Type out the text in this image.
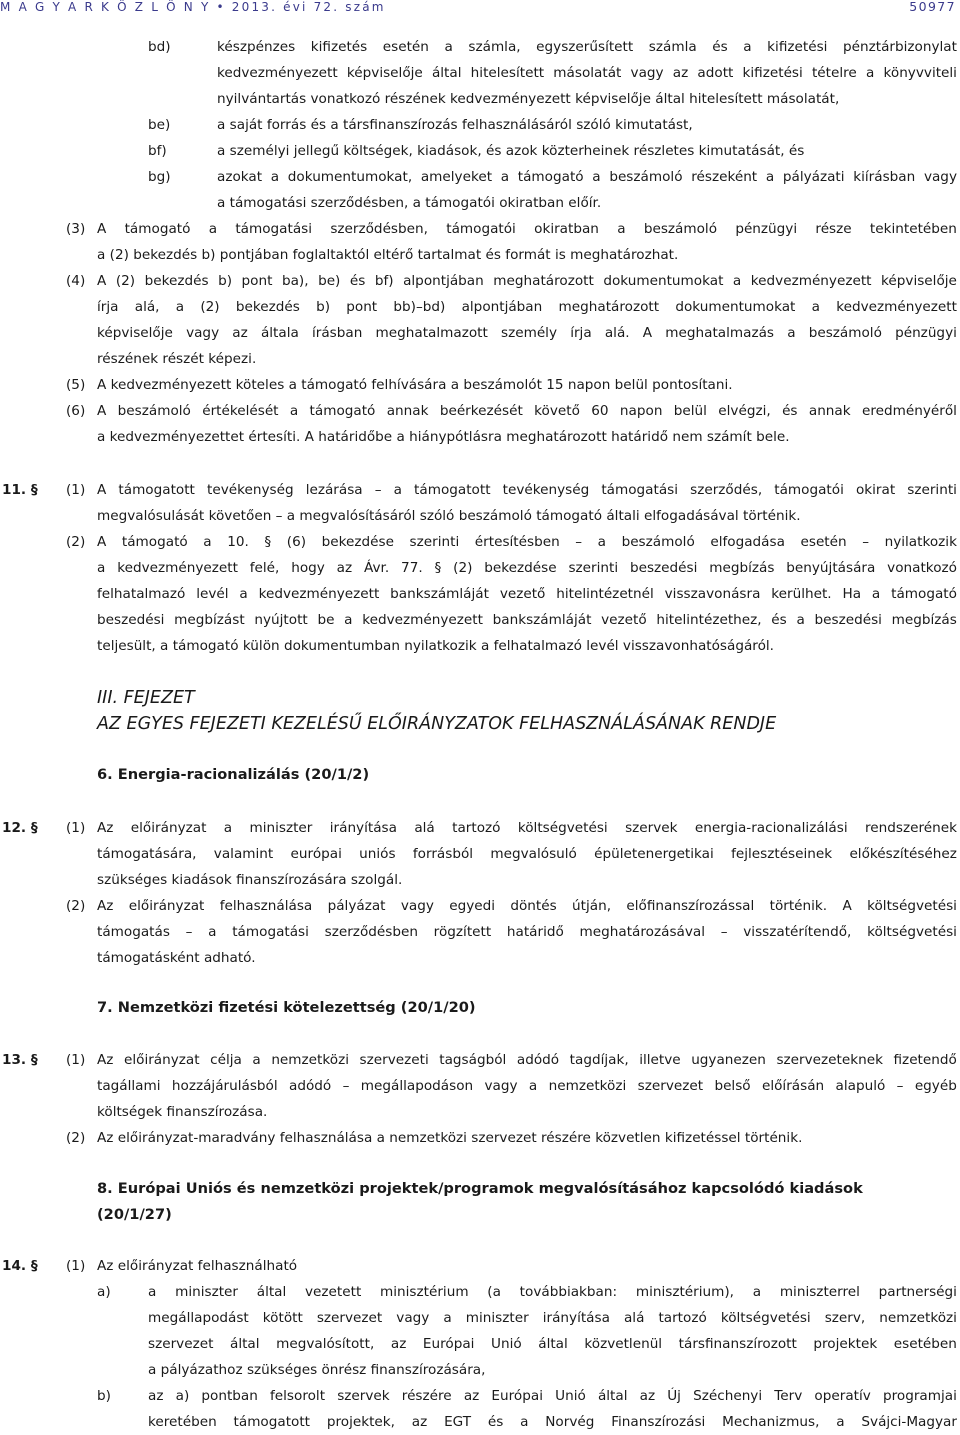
M A G Y A R K Ö Z L Ö N Y • 2013. évi 72. szám	50977
bd)	készpénzes kifizetés esetén a számla, egyszerűsített számla és a kifizetési pénztárbizonylat
kedvezményezett képviselője által hitelesített másolatát vagy az adott kifizetési tételre a könyvviteli
nyilvántartás vonatkozó részének kedvezményezett képviselője által hitelesített másolatát,
be)	a saját forrás és a társfinanszírozás felhasználásáról szóló kimutatást,
bf)	a személyi jellegű költségek, kiadások, és azok közterheinek részletes kimutatását, és
bg)	azokat a dokumentumokat, amelyeket a támogató a beszámoló részeként a pályázati kiírásban vagy
a támogatási szerződésben, a támogatói okiratban előír.
(3) A támogató a támogatási szerződésben, támogatói okiratban a beszámoló pénzügyi része tekintetében
a (2) bekezdés b) pontjában foglaltaktól eltérő tartalmat és formát is meghatározhat.
(4) A (2) bekezdés b) pont ba), be) és bf) alpontjában meghatározott dokumentumokat a kedvezményezett képviselője
írja alá, a (2) bekezdés b) pont bb)–bd) alpontjában meghatározott dokumentumokat a kedvezményezett
képviselője vagy az általa írásban meghatalmazott személy írja alá. A meghatalmazás a beszámoló pénzügyi
részének részét képezi.
(5) A kedvezményezett köteles a támogató felhívására a beszámolót 15 napon belül pontosítani.
(6) A beszámoló értékelését a támogató annak beérkezését követő 60 napon belül elvégzi, és annak eredményéről
a kedvezményezettet értesíti. A határidőbe a hiánypótlásra meghatározott határidő nem számít bele.
11. § (1) A támogatott tevékenység lezárása – a támogatott tevékenység támogatási szerződés, támogatói okirat szerinti
megvalósulását követően – a megvalósításáról szóló beszámoló támogató általi elfogadásával történik.
(2) A támogató a 10. § (6) bekezdése szerinti értesítésben – a beszámoló elfogadása esetén – nyilatkozik
a kedvezményezett felé, hogy az Ávr. 77. § (2) bekezdése szerinti beszedési megbízás benyújtására vonatkozó
felhatalmazó levél a kedvezményezett bankszámláját vezető hitelintézetnél visszavonásra kerülhet. Ha a támogató
beszedési megbízást nyújtott be a kedvezményezett bankszámláját vezető hitelintézethez, és a beszedési megbízás
teljesült, a támogató külön dokumentumban nyilatkozik a felhatalmazó levél visszavonhatóságáról.
III. FEJEZET
AZ EGYES FEJEZETI KEZELÉSŰ ELŐIRÁNYZATOK FELHASZNÁLÁSÁNAK RENDJE
6. Energia-racionalizálás (20/1/2)
12. § (1) Az előirányzat a miniszter irányítása alá tartozó költségvetési szervek energia-racionalizálási rendszerének
támogatására, valamint európai uniós forrásból megvalósuló épületenergetikai fejlesztéseinek előkészítéséhez
szükséges kiadások finanszírozására szolgál.
(2) Az előirányzat felhasználása pályázat vagy egyedi döntés útján, előfinanszírozással történik. A költségvetési
támogatás – a támogatási szerződésben rögzített határidő meghatározásával – visszatérítendő, költségvetési
támogatásként adható.
7. Nemzetközi fizetési kötelezettség (20/1/20)
13. § (1) Az előirányzat célja a nemzetközi szervezeti tagságból adódó tagdíjak, illetve ugyanezen szervezeteknek fizetendő
tagállami hozzájárulásból adódó – megállapodáson vagy a nemzetközi szervezet belső előírásán alapuló – egyéb
költségek finanszírozása.
(2) Az előirányzat-maradvány felhasználása a nemzetközi szervezet részére közvetlen kifizetéssel történik.
8. Európai Uniós és nemzetközi projektek/programok megvalósításához kapcsolódó kiadások
(20/1/27)
14. § (1) Az előirányzat felhasználható
a)	a miniszter által vezetett minisztérium (a továbbiakban: minisztérium), a miniszterrel partnerségi
megállapodást kötött szervezet vagy a miniszter irányítása alá tartozó költségvetési szerv, nemzetközi
szervezet által megvalósított, az Európai Unió által közvetlenül társfinanszírozott projektek esetében
a pályázathoz szükséges önrész finanszírozására,
b)	az a) pontban felsorolt szervek részére az Európai Unió által az Új Széchenyi Terv operatív programjai
keretében támogatott projektek, az EGT és a Norvég Finanszírozási Mechanizmus, a Svájci-Magyar
